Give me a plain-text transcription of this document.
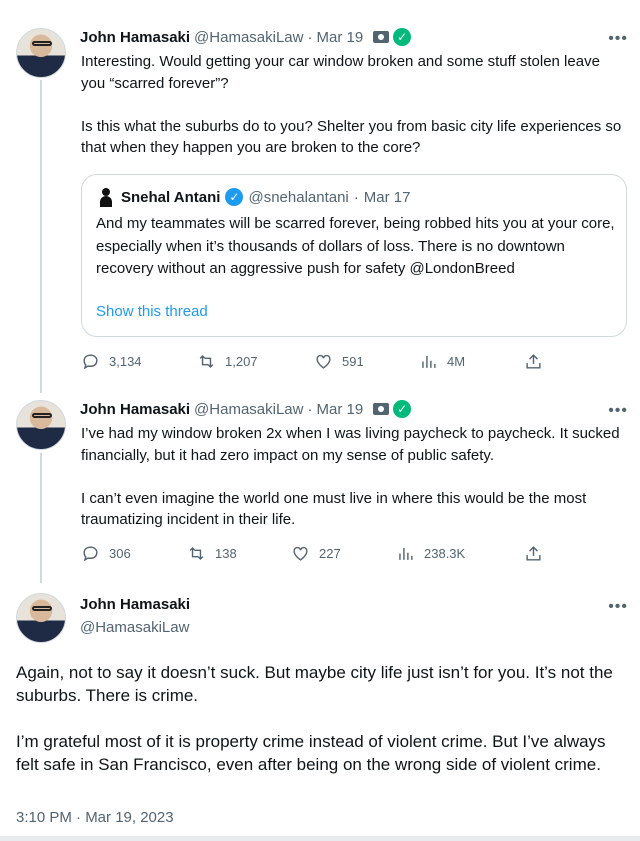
John Hamasaki @HamasakiLaw · Mar 19	✓	•••
Interesting. Would getting your car window broken and some stuff stolen leave you “scarred forever”?

Is this what the suburbs do to you? Shelter you from basic city life experiences so that when they happen you are broken to the core?
Snehal Antani ✓ @snehalantani · Mar 17
And my teammates will be scarred forever, being robbed hits you at your core, especially when it’s thousands of dollars of loss. There is no downtown recovery without an aggressive push for safety @LondonBreed
Show this thread
3,134	1,207	591	4M
John Hamasaki @HamasakiLaw · Mar 19	✓	•••
I’ve had my window broken 2x when I was living paycheck to paycheck. It sucked financially, but it had zero impact on my sense of public safety.

I can’t even imagine the world one must live in where this would be the most traumatizing incident in their life.
306	138	227	238.3K
John Hamasaki
@HamasakiLaw
•••
Again, not to say it doesn’t suck. But maybe city life just isn’t for you. It’s not the suburbs. There is crime.

I’m grateful most of it is property crime instead of violent crime. But I’ve always felt safe in San Francisco, even after being on the wrong side of violent crime.
3:10 PM · Mar 19, 2023
